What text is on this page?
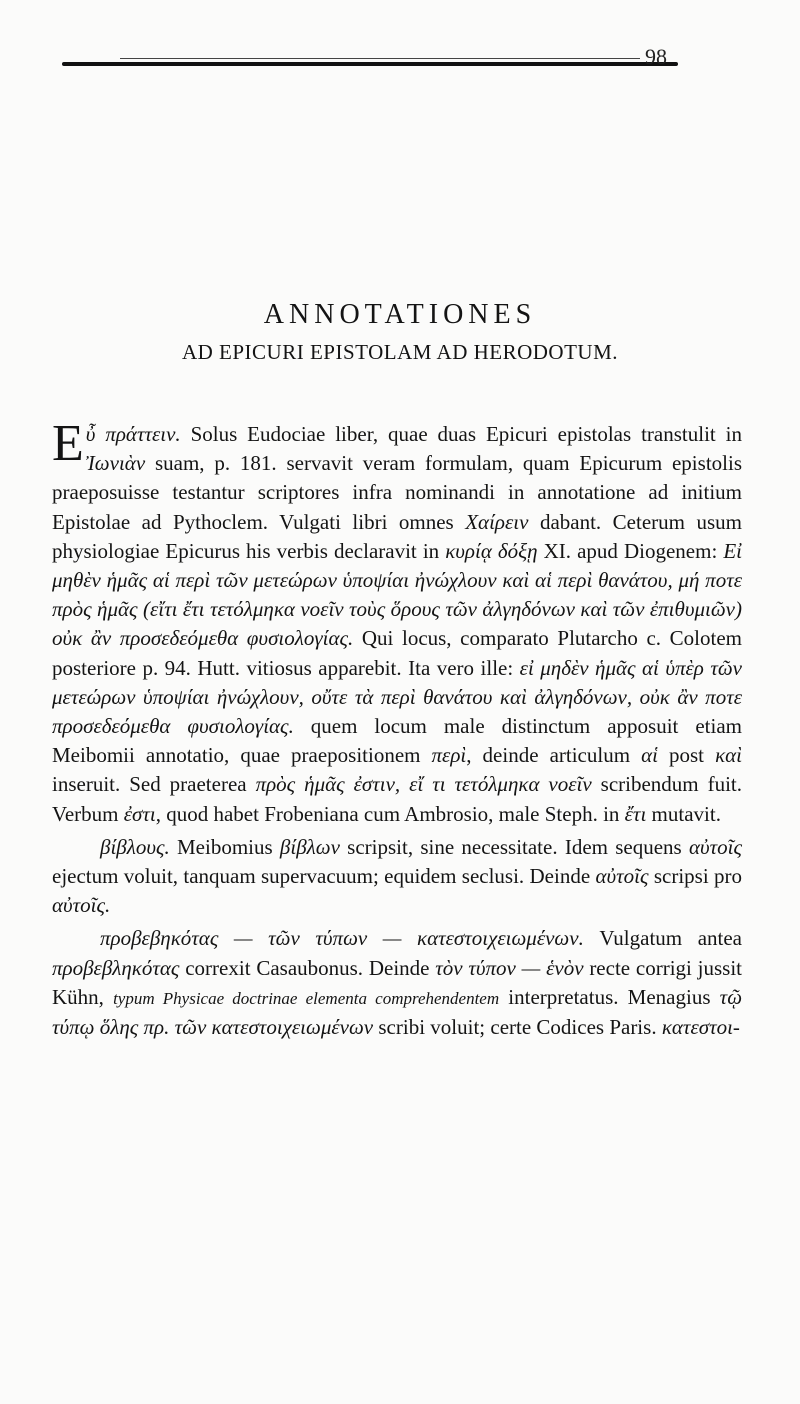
98
ANNOTATIONES
AD EPICURI EPISTOLAM AD HERODOTUM.

Eὖ πράττειν. Solus Eudociae liber, quae duas Epicuri epistolas transtulit in Ἰωνιὰν suam, p. 181. servavit veram formulam, quam Epicurum epistolis praeposuisse testantur scriptores infra nominandi in annotatione ad initium Epistolae ad Pythoclem. Vulgati libri omnes Χαίρειν dabant. Ceterum usum physiologiae Epicurus his verbis declaravit in κυρίᾳ δόξῃ XI. apud Diogenem: Εἰ μηθὲν ἡμᾶς αἱ περὶ τῶν μετεώρων ὑποψίαι ἠνώχλουν καὶ αἱ περὶ θανάτου, μή ποτε πρὸς ἡμᾶς (εἴτι ἔτι τετόλμηκα νοεῖν τοὺς ὅρους τῶν ἀλγηδόνων καὶ τῶν ἐπιθυμιῶν) οὐκ ἂν προσεδεόμεθα φυσιολογίας. Qui locus, comparato Plutarcho c. Colotem posteriore p. 94. Hutt. vitiosus apparebit. Ita vero ille: εἰ μηδὲν ἡμᾶς αἱ ὑπὲρ τῶν μετεώρων ὑποψίαι ἠνώχλουν, οὔτε τὰ περὶ θανάτου καὶ ἀλγηδόνων, οὐκ ἂν ποτε προσεδεόμεθα φυσιολογίας. quem locum male distinctum apposuit etiam Meibomii annotatio, quae praepositionem περὶ, deinde articulum αἱ post καὶ inseruit. Sed praeterea πρὸς ἡμᾶς ἐστιν, εἴ τι τετόλμηκα νοεῖν scribendum fuit. Verbum ἐστι, quod habet Frobeniana cum Ambrosio, male Steph. in ἔτι mutavit.

βίβλους. Meibomius βίβλων scripsit, sine necessitate. Idem sequens αὐτοῖς ejectum voluit, tanquam supervacuum; equidem seclusi. Deinde αὐτοῖς scripsi pro αὐτοῖς.

προβεβηκότας — τῶν τύπων — κατεστοιχειωμένων. Vulgatum antea προβεβληκότας correxit Casaubonus. Deinde τὸν τύπον — ἑνὸν recte corrigi jussit Kühn, typum Physicae doctrinae elementa comprehendentem interpretatus. Menagius τῷ τύπῳ ὅλης πρ. τῶν κατεστοιχειωμένων scribi voluit; certe Codices Paris. κατεστοι-
